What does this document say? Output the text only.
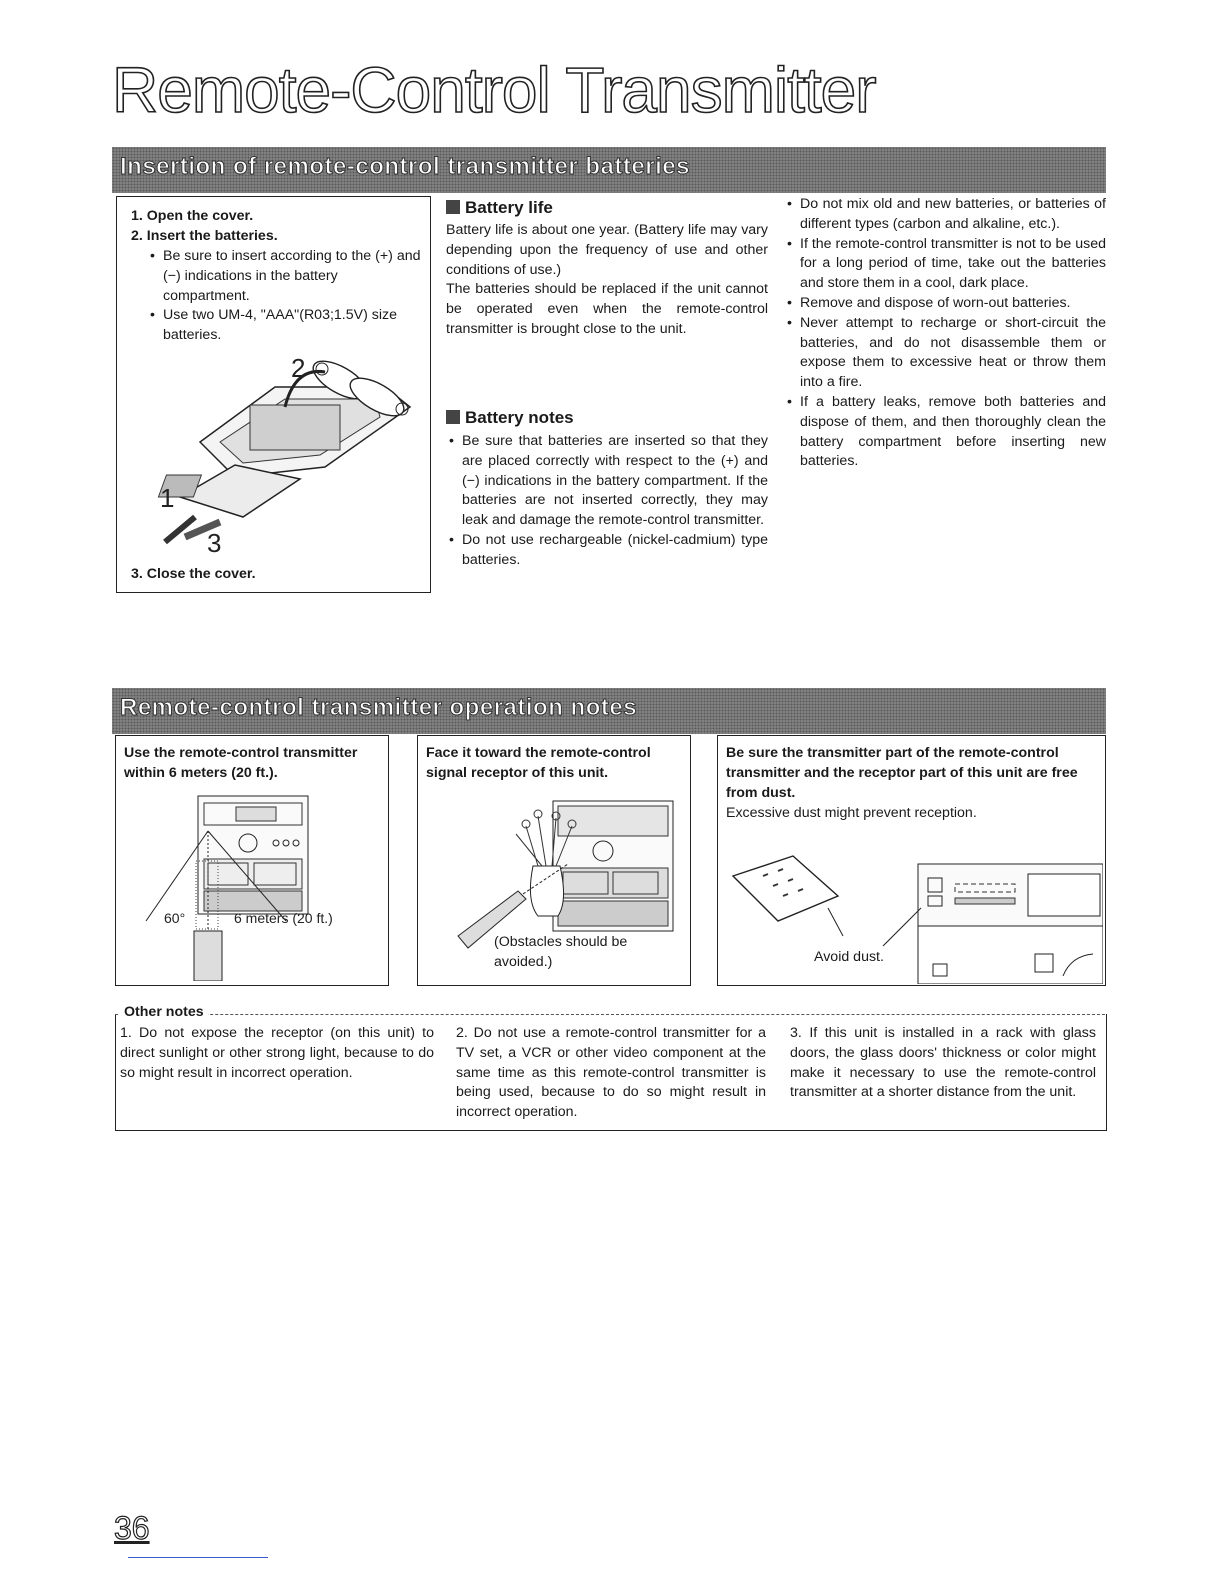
Remote-Control Transmitter
Insertion of remote-control transmitter batteries
1. Open the cover.
2. Insert the batteries.
• Be sure to insert according to the (+) and (−) indications in the battery compartment.
• Use two UM-4, "AAA"(R03;1.5V) size batteries.
1
2
3
3. Close the cover.
Battery life

Battery life is about one year. (Battery life may vary depending upon the frequency of use and other conditions of use.)

The batteries should be replaced if the unit cannot be operated even when the remote-control transmitter is brought close to the unit.

Battery notes
• Be sure that batteries are inserted so that they are placed correctly with respect to the (+) and (−) indications in the battery compartment. If the batteries are not inserted correctly, they may leak and damage the remote-control transmitter.
• Do not use rechargeable (nickel-cadmium) type batteries.
• Do not mix old and new batteries, or batteries of different types (carbon and alkaline, etc.).
• If the remote-control transmitter is not to be used for a long period of time, take out the batteries and store them in a cool, dark place.
• Remove and dispose of worn-out batteries.
• Never attempt to recharge or short-circuit the batteries, and do not disassemble them or expose them to excessive heat or throw them into a fire.
• If a battery leaks, remove both batteries and dispose of them, and then thoroughly clean the battery compartment before inserting new batteries.
Remote-control transmitter operation notes
Use the remote-control transmitter within 6 meters (20 ft.).
60°	6 meters (20 ft.)
Face it toward the remote-control signal receptor of this unit.
(Obstacles should be avoided.)
Be sure the transmitter part of the remote-control transmitter and the receptor part of this unit are free from dust.
Excessive dust might prevent reception.
Avoid dust.
Other notes
1. Do not expose the receptor (on this unit) to direct sunlight or other strong light, because to do so might result in incorrect operation.
2. Do not use a remote-control transmitter for a TV set, a VCR or other video component at the same time as this remote-control transmitter is being used, because to do so might result in incorrect operation.
3. If this unit is installed in a rack with glass doors, the glass doors' thickness or color might make it necessary to use the remote-control transmitter at a shorter distance from the unit.
36
